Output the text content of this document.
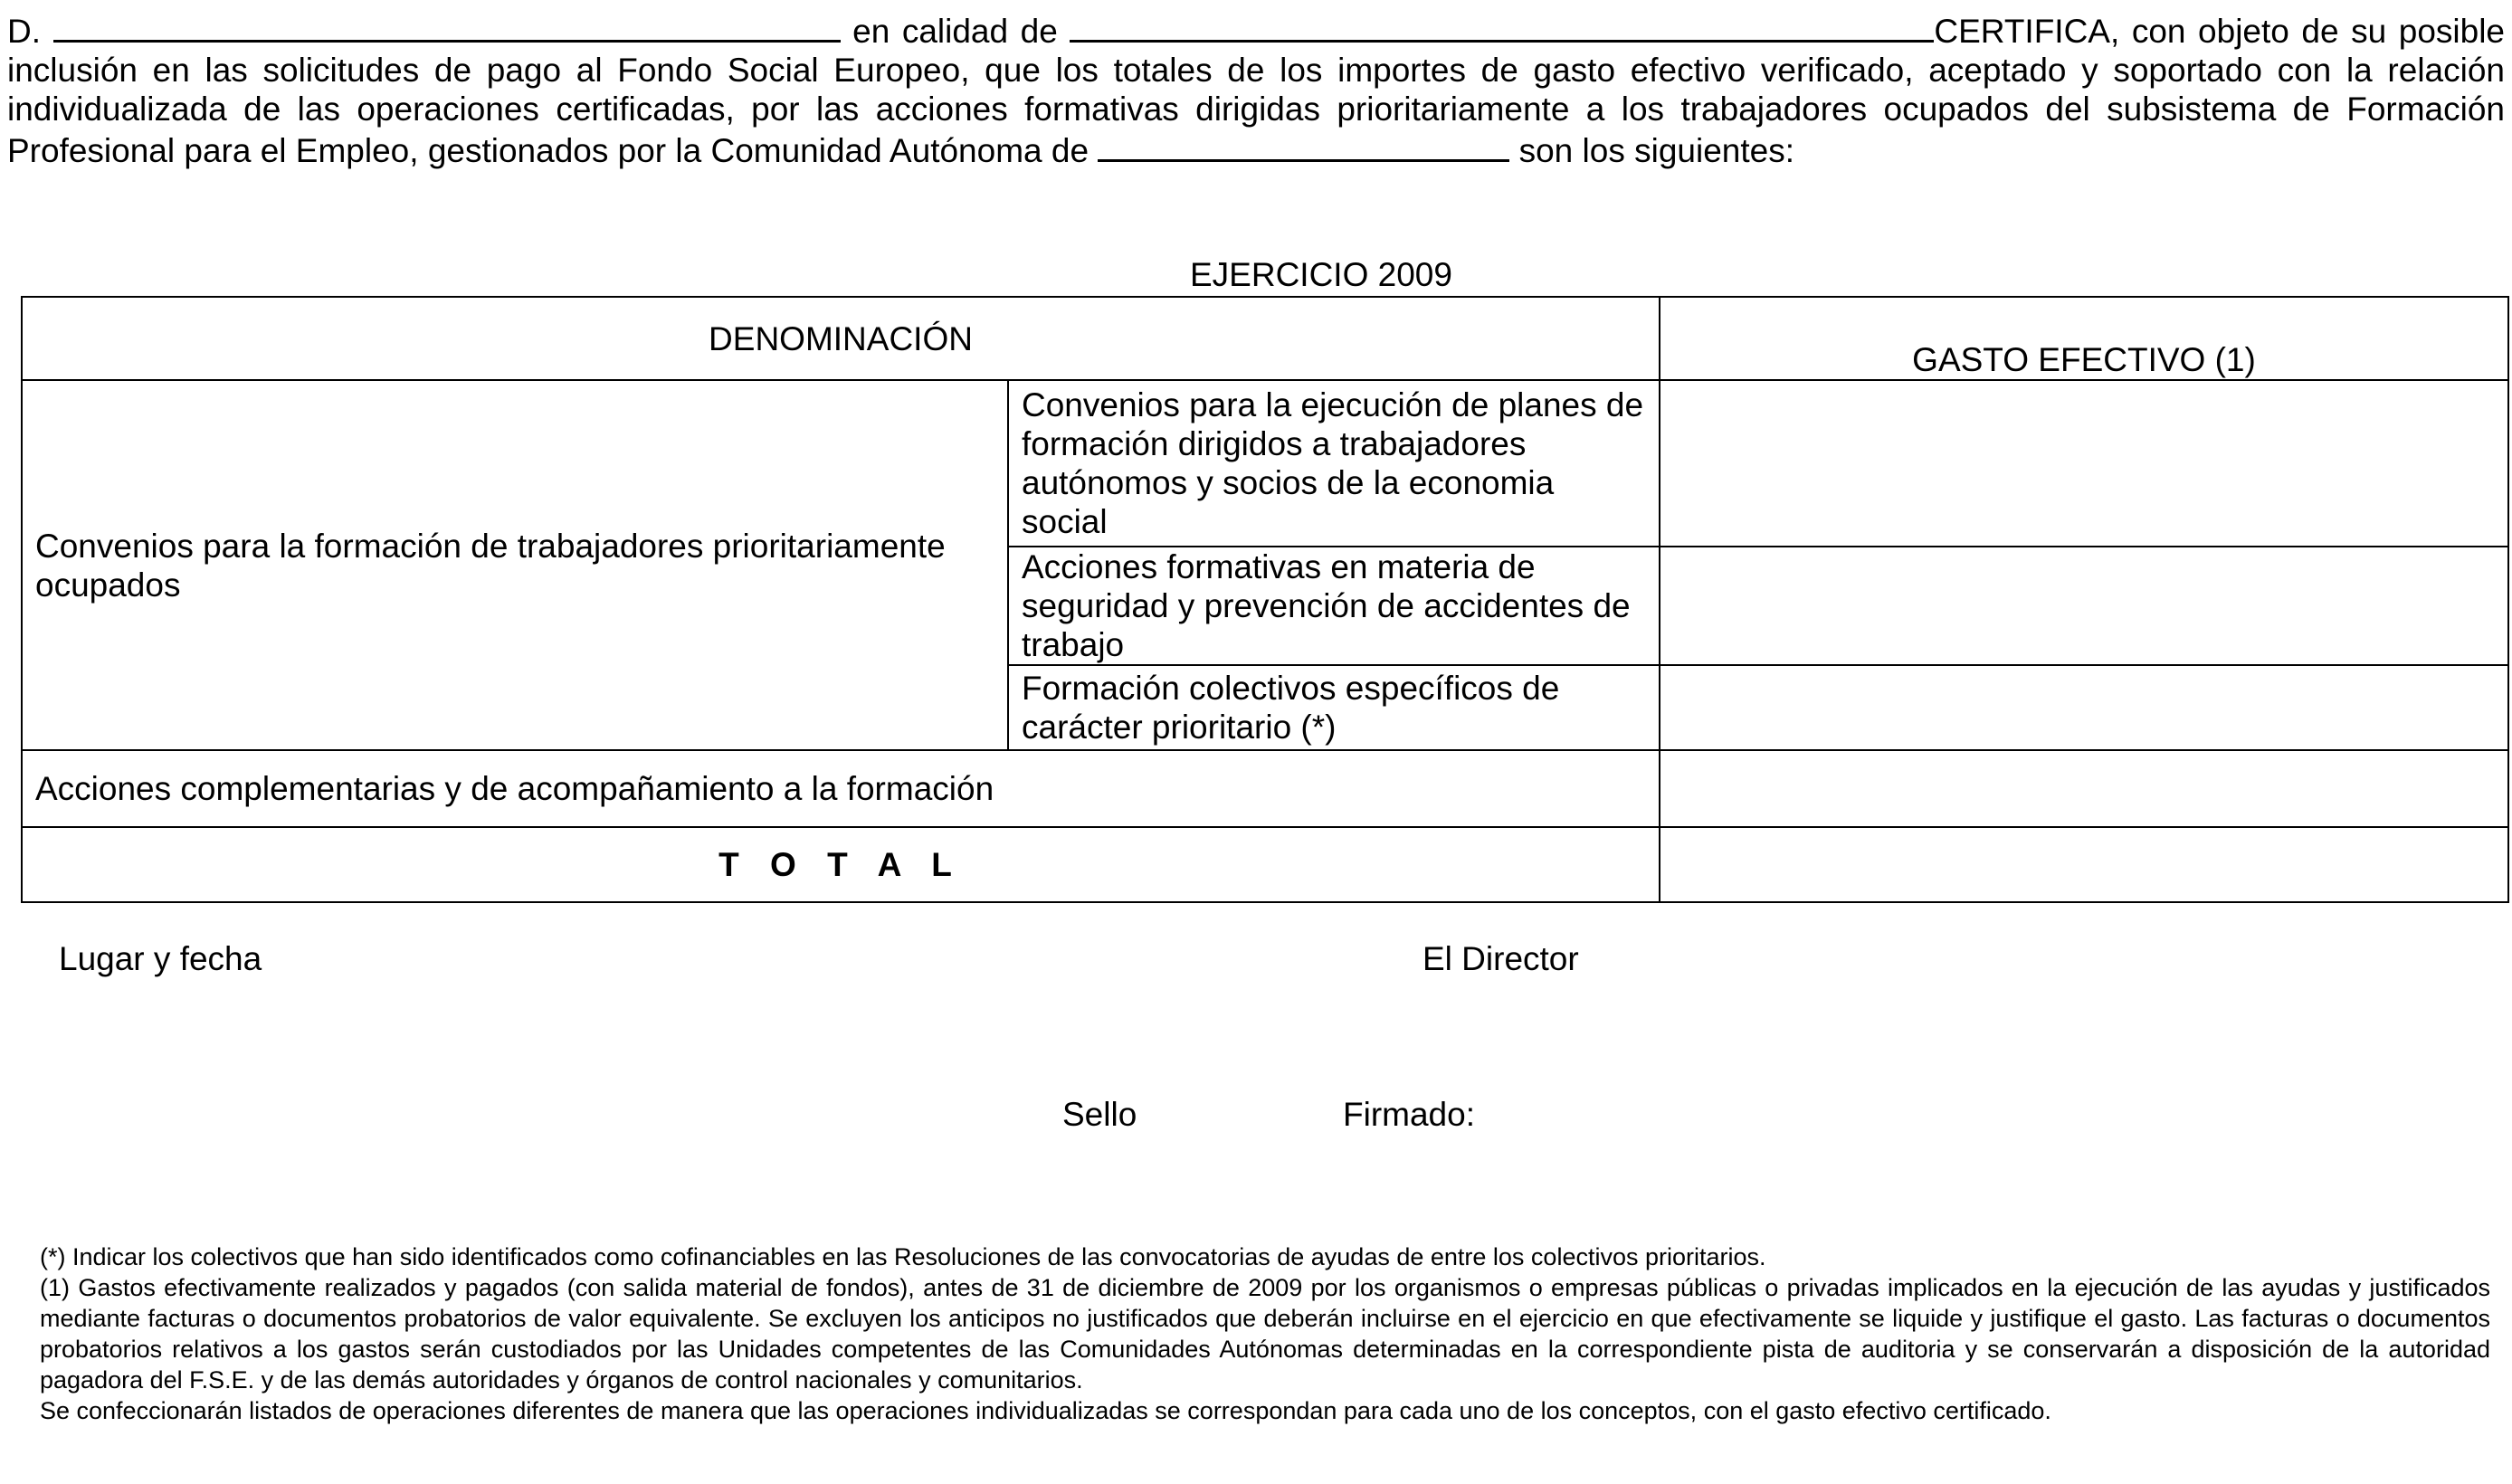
D.	en calidad de	CERTIFICA, con objeto de su posible inclusión en las solicitudes de pago al Fondo Social Europeo, que los totales de los importes de gasto efectivo verificado, aceptado y soportado con la relación individualizada de las operaciones certificadas, por las acciones formativas dirigidas prioritariamente a los trabajadores ocupados del subsistema de Formación Profesional para el Empleo, gestionados por la Comunidad Autónoma de	son los siguientes:
EJERCICIO 2009
DENOMINACIÓN		GASTO EFECTIVO (1)
Convenios para la formación de trabajadores prioritariamente ocupados	Convenios para la ejecución de planes de formación dirigidos a trabajadores autónomos y socios de la economia social	
	Acciones formativas en materia de seguridad y prevención de accidentes de trabajo	
	Formación colectivos específicos de carácter prioritario (*)	
Acciones complementarias y de acompañamiento a la formación		
T O T A L		
Lugar y fecha	El Director
Sello	Firmado:

(*) Indicar los colectivos que han sido identificados como cofinanciables en las Resoluciones de las convocatorias de ayudas de entre los colectivos prioritarios.

(1) Gastos efectivamente realizados y pagados (con salida material de fondos), antes de 31 de diciembre de 2009 por los organismos o empresas públicas o privadas implicados en la ejecución de las ayudas y justificados mediante facturas o documentos probatorios de valor equivalente. Se excluyen los anticipos no justificados que deberán incluirse en el ejercicio en que efectivamente se liquide y justifique el gasto. Las facturas o documentos probatorios relativos a los gastos serán custodiados por las Unidades competentes de las Comunidades Autónomas determinadas en la correspondiente pista de auditoria y se conservarán a disposición de la autoridad pagadora del F.S.E. y de las demás autoridades y órganos de control nacionales y comunitarios.

Se confeccionarán listados de operaciones diferentes de manera que las operaciones individualizadas se correspondan para cada uno de los conceptos, con el gasto efectivo certificado.
